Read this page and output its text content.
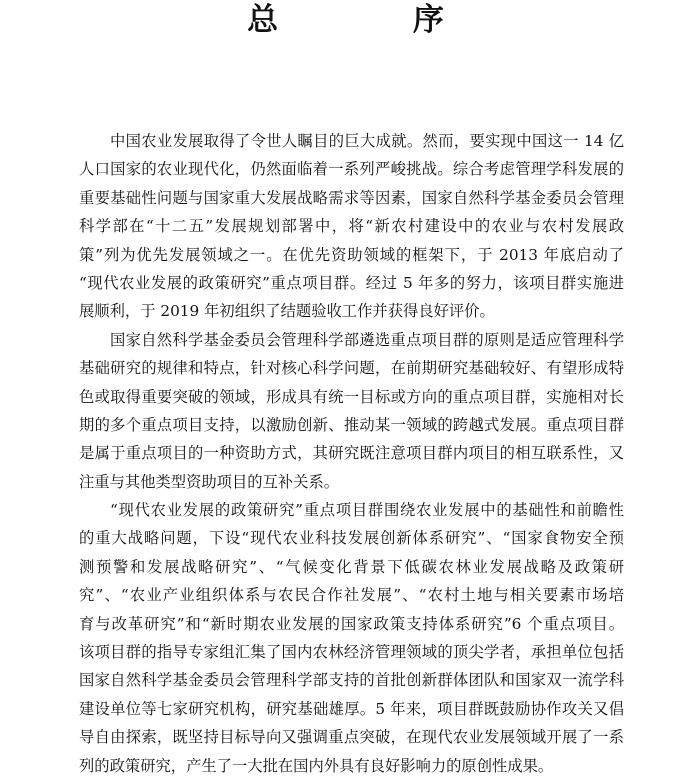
总 序
中国农业发展取得了令世人瞩目的巨大成就。然而，要实现中国这一 14 亿
人口国家的农业现代化，仍然面临着一系列严峻挑战。综合考虑管理学科发展的
重要基础性问题与国家重大发展战略需求等因素，国家自然科学基金委员会管理
科学部在“十二五”发展规划部署中，将“新农村建设中的农业与农村发展政
策”列为优先发展领域之一。在优先资助领域的框架下，于 2013 年底启动了
“现代农业发展的政策研究”重点项目群。经过 5 年多的努力，该项目群实施进
展顺利，于 2019 年初组织了结题验收工作并获得良好评价。
国家自然科学基金委员会管理科学部遴选重点项目群的原则是适应管理科学
基础研究的规律和特点，针对核心科学问题，在前期研究基础较好、有望形成特
色或取得重要突破的领域，形成具有统一目标或方向的重点项目群，实施相对长
期的多个重点项目支持，以激励创新、推动某一领域的跨越式发展。重点项目群
是属于重点项目的一种资助方式，其研究既注意项目群内项目的相互联系性，又
注重与其他类型资助项目的互补关系。
“现代农业发展的政策研究”重点项目群围绕农业发展中的基础性和前瞻性
的重大战略问题，下设“现代农业科技发展创新体系研究”、“国家食物安全预
测预警和发展战略研究”、“气候变化背景下低碳农林业发展战略及政策研
究”、“农业产业组织体系与农民合作社发展”、“农村土地与相关要素市场培
育与改革研究”和“新时期农业发展的国家政策支持体系研究”6 个重点项目。
该项目群的指导专家组汇集了国内农林经济管理领域的顶尖学者，承担单位包括
国家自然科学基金委员会管理科学部支持的首批创新群体团队和国家双一流学科
建设单位等七家研究机构，研究基础雄厚。5 年来，项目群既鼓励协作攻关又倡
导自由探索，既坚持目标导向又强调重点突破，在现代农业发展领域开展了一系
列的政策研究，产生了一大批在国内外具有良好影响力的原创性成果。
